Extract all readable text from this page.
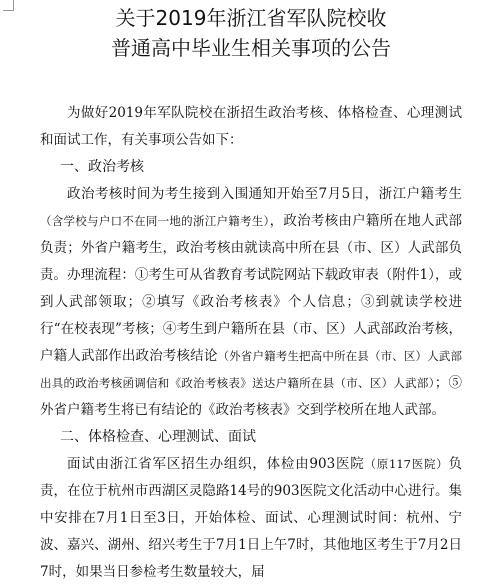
关于2019年浙江省军队院校收
普通高中毕业生相关事项的公告

为做好2019年军队院校在浙招生政治考核、体格检查、心理测试和面试工作，有关事项公告如下：

一、政治考核

政治考核时间为考生接到入围通知开始至7月5日，浙江户籍考生（含学校与户口不在同一地的浙江户籍考生），政治考核由户籍所在地人武部负责；外省户籍考生，政治考核由就读高中所在县（市、区）人武部负责。办理流程：①考生可从省教育考试院网站下载政审表（附件1），或到人武部领取；②填写《政治考核表》个人信息；③到就读学校进行“在校表现”考核；④考生到户籍所在县（市、区）人武部政治考核，户籍人武部作出政治考核结论（外省户籍考生把高中所在县（市、区）人武部出具的政治考核函调信和《政治考核表》送达户籍所在县（市、区）人武部）；⑤外省户籍考生将已有结论的《政治考核表》交到学校所在地人武部。

二、体格检查、心理测试、面试

面试由浙江省军区招生办组织，体检由903医院（原117医院）负责，在位于杭州市西湖区灵隐路14号的903医院文化活动中心进行。集中安排在7月1日至3日，开始体检、面试、心理测试时间：杭州、宁波、嘉兴、湖州、绍兴考生于7月1日上午7时，其他地区考生于7月2日7时，如果当日参检考生数量较大，届
